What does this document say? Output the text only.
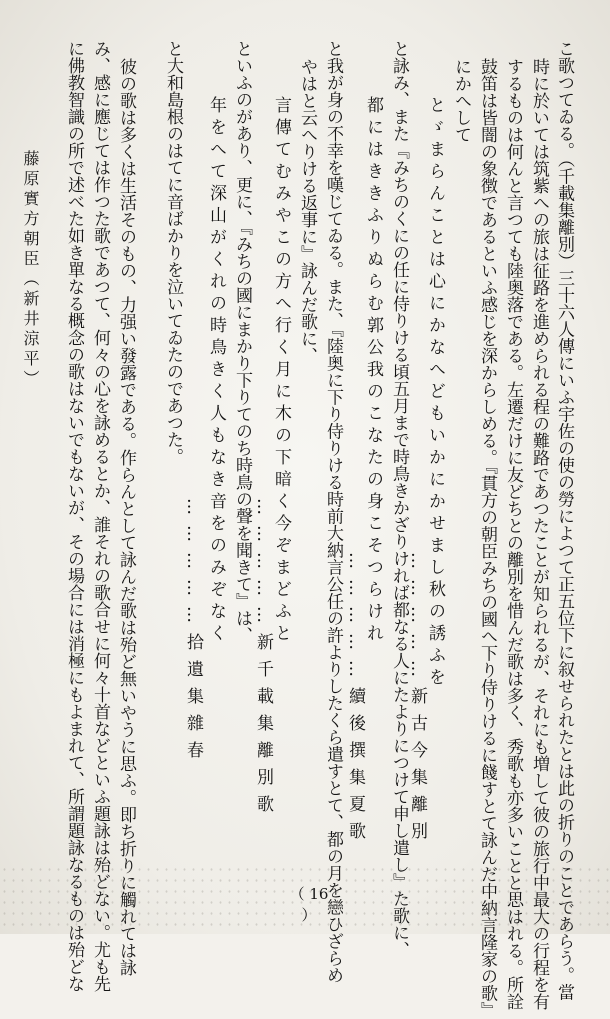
こ歌つてゐる。（千載集離別）三十六人傳にいふ宇佐の使の勞によつて正五位下に叙せられたとは此の折りのことであらう。當
時に於いては筑紫への旅は征路を進められる程の難路であつたことが知られるが、それにも増して彼の旅行中最大の行程を有
するものは何んと言つても陸奥落である。左遷だけに友どちとの離別を惜んだ歌は多く、秀歌も亦多いことと思はれる。所詮
鼓笛は皆闇の象徴であるといふ感じを深からしめる。『貫方の朝臣みちの國へ下り侍りけるに餞すとて詠んだ中納言隆家の歌』
にかへして
とゞまらんことは心にかなへどもいかにかせまし秋の誘ふを
……………新古今集離別
と詠み、また『みちのくにの任に侍りける頃五月まで時鳥きかざりければ都なる人にたよりにつけて申し遣し』た歌に、
都にはききふりぬらむ郭公我のこなたの身こそつらけれ
……………續後撰集夏歌
と我が身の不幸を嘆じてゐる。また、『陸奥に下り侍りける時前大納言公任の許よりしたくら遣すとて、都の月を戀ひざらめ
やはと云へりける返事に』詠んだ歌に、
言傳てむみやこの方へ行く月に木の下暗く今ぞまどふと
……………新千載集離別歌
といふのがあり、更に、『みちの國にまかり下りてのち時鳥の聲を聞きて』は、
年をへて深山がくれの時鳥きく人もなき音をのみぞなく
……………拾遺集雜春
と大和島根のはてに音ばかりを泣いてゐたのであつた。
彼の歌は多くは生活そのもの、力强い發露である。作らんとして詠んだ歌は殆ど無いやうに思ふ。即ち折りに觸れては詠
み、感に應じては作つた歌であつて、何々の心を詠めるとか、誰それの歌合せに何々十首などといふ題詠は殆どない。尤も先
に佛教智識の所で述べた如き單なる概念の歌はないでもないが、その場合には消極にもよまれて、所謂題詠なるものは殆どな
藤原實方朝臣（新井涼平）
（ 16 ）
